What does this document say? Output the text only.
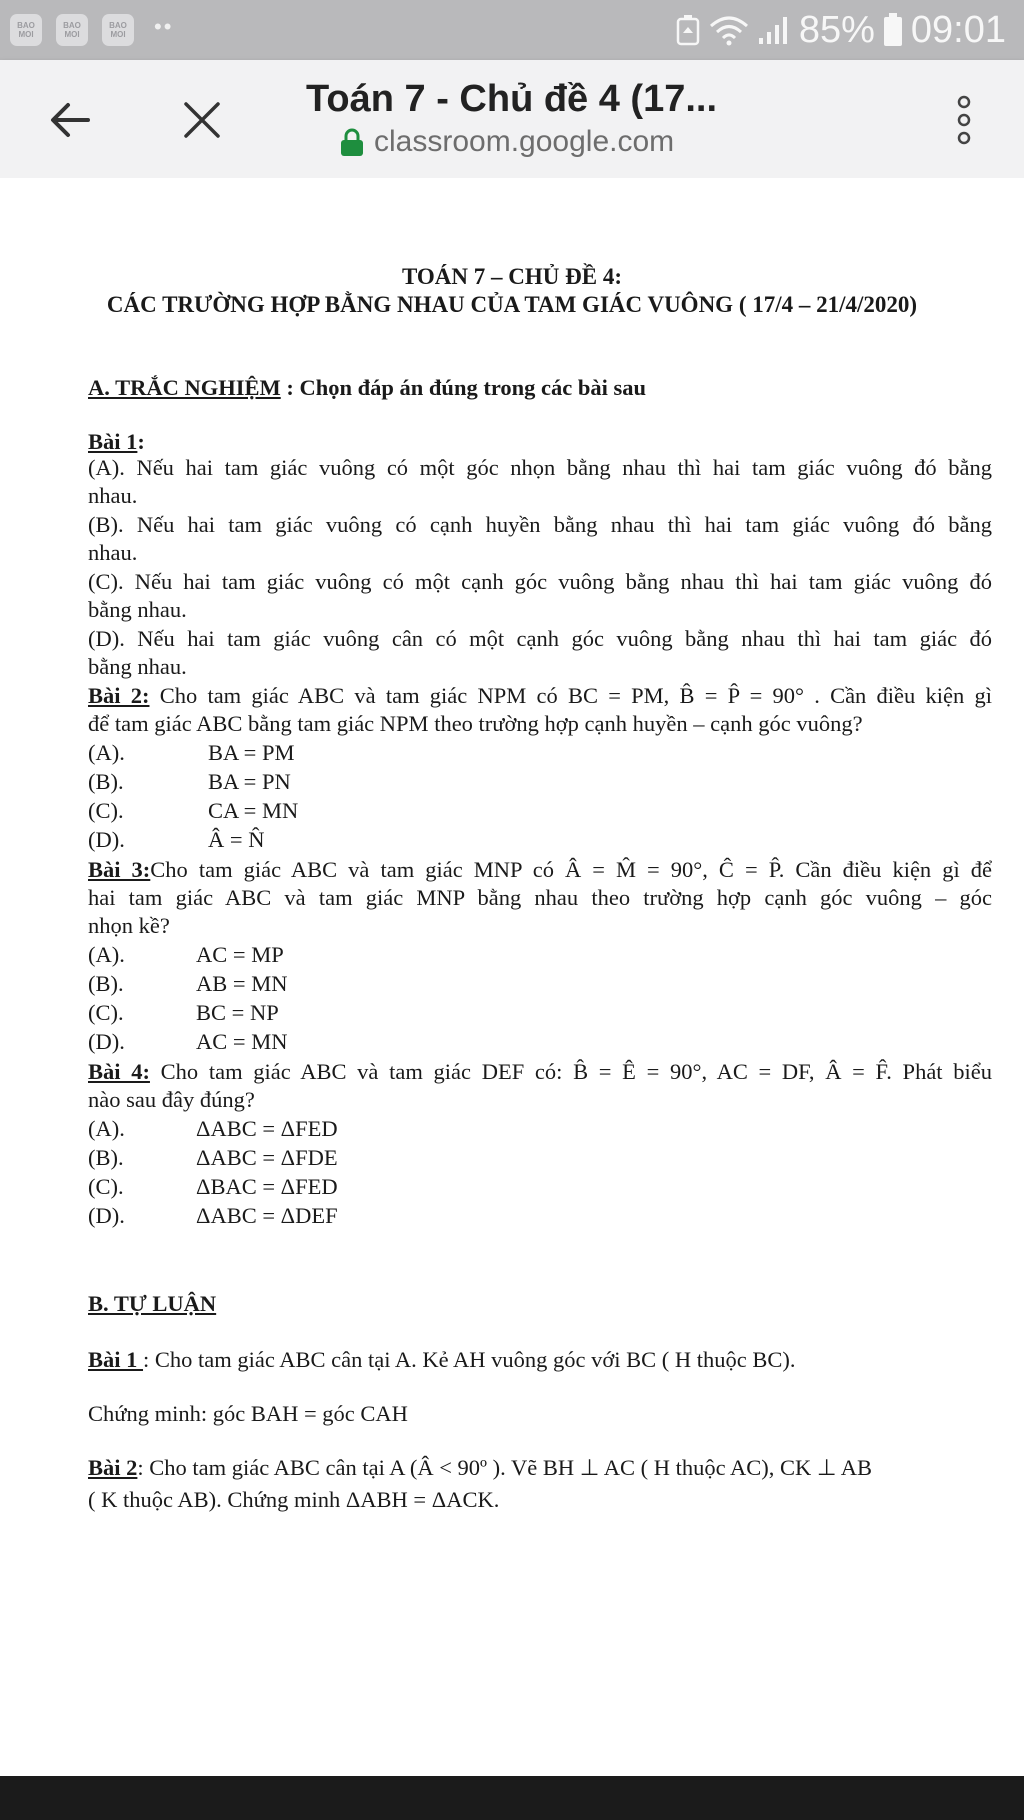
BAO MOI
BAO MOI
BAO MOI	••	85% 09:01
Toán 7 - Chủ đề 4 (17...
classroom.google.com
TOÁN 7 – CHỦ ĐỀ 4:
CÁC TRƯỜNG HỢP BẰNG NHAU CỦA TAM GIÁC VUÔNG ( 17/4 – 21/4/2020)
A. TRẮC NGHIỆM : Chọn đáp án đúng trong các bài sau
Bài 1:
(A). Nếu hai tam giác vuông có một góc nhọn bằng nhau thì hai tam giác vuông đó bằng
nhau.
(B). Nếu hai tam giác vuông có cạnh huyền bằng nhau thì hai tam giác vuông đó bằng
nhau.
(C). Nếu hai tam giác vuông có một cạnh góc vuông bằng nhau thì hai tam giác vuông đó
bằng nhau.
(D). Nếu hai tam giác vuông cân có một cạnh góc vuông bằng nhau thì hai tam giác đó
bằng nhau.
Bài 2: Cho tam giác ABC và tam giác NPM có BC = PM, B̂ = P̂ = 90° . Cần điều kiện gì
để tam giác ABC bằng tam giác NPM theo trường hợp cạnh huyền – cạnh góc vuông?
(A).	BA = PM
(B).	BA = PN
(C).	CA = MN
(D).	Â = N̂
Bài 3:Cho tam giác ABC và tam giác MNP có Â = M̂ = 90°, Ĉ = P̂. Cần điều kiện gì để
hai tam giác ABC và tam giác MNP bằng nhau theo trường hợp cạnh góc vuông – góc
nhọn kề?
(A).	AC = MP
(B).	AB = MN
(C).	BC = NP
(D).	AC = MN
Bài 4: Cho tam giác ABC và tam giác DEF có: B̂ = Ê = 90°, AC = DF, Â = F̂. Phát biểu
nào sau đây đúng?
(A).	ΔABC = ΔFED
(B).	ΔABC = ΔFDE
(C).	ΔBAC = ΔFED
(D).	ΔABC = ΔDEF
B. TỰ LUẬN
Bài 1 : Cho tam giác ABC cân tại A. Kẻ AH vuông góc với BC ( H thuộc BC).
Chứng minh: góc BAH = góc CAH
Bài 2: Cho tam giác ABC cân tại A (Â < 90º ). Vẽ BH ⊥ AC ( H thuộc AC), CK ⊥ AB
( K thuộc AB). Chứng minh ΔABH = ΔACK.
